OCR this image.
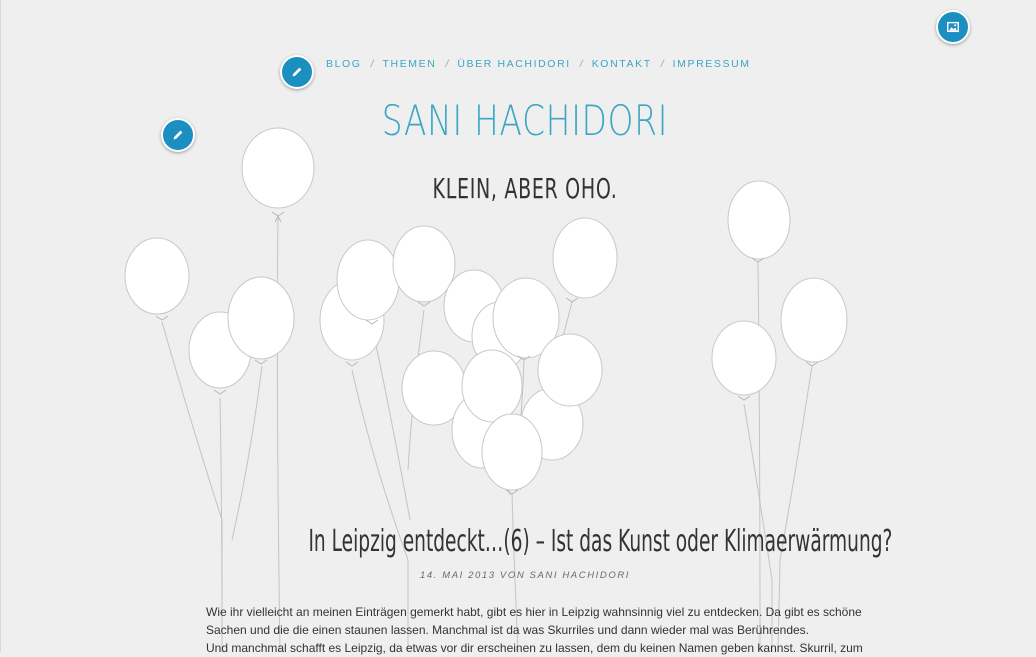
BLOG / THEMEN / ÜBER HACHIDORI / KONTAKT / IMPRESSUM
SANI HACHIDORI
KLEIN, ABER OHO.
In Leipzig entdeckt…(6) – Ist das Kunst oder Klimaerwärmung?
14. MAI 2013 VON SANI HACHIDORI

Wie ihr vielleicht an meinen Einträgen gemerkt habt, gibt es hier in Leipzig wahnsinnig viel zu entdecken. Da gibt es schöne

Sachen und die die einen staunen lassen. Manchmal ist da was Skurriles und dann wieder mal was Berührendes.

Und manchmal schafft es Leipzig, da etwas vor dir erscheinen zu lassen, dem du keinen Namen geben kannst. Skurril, zum
